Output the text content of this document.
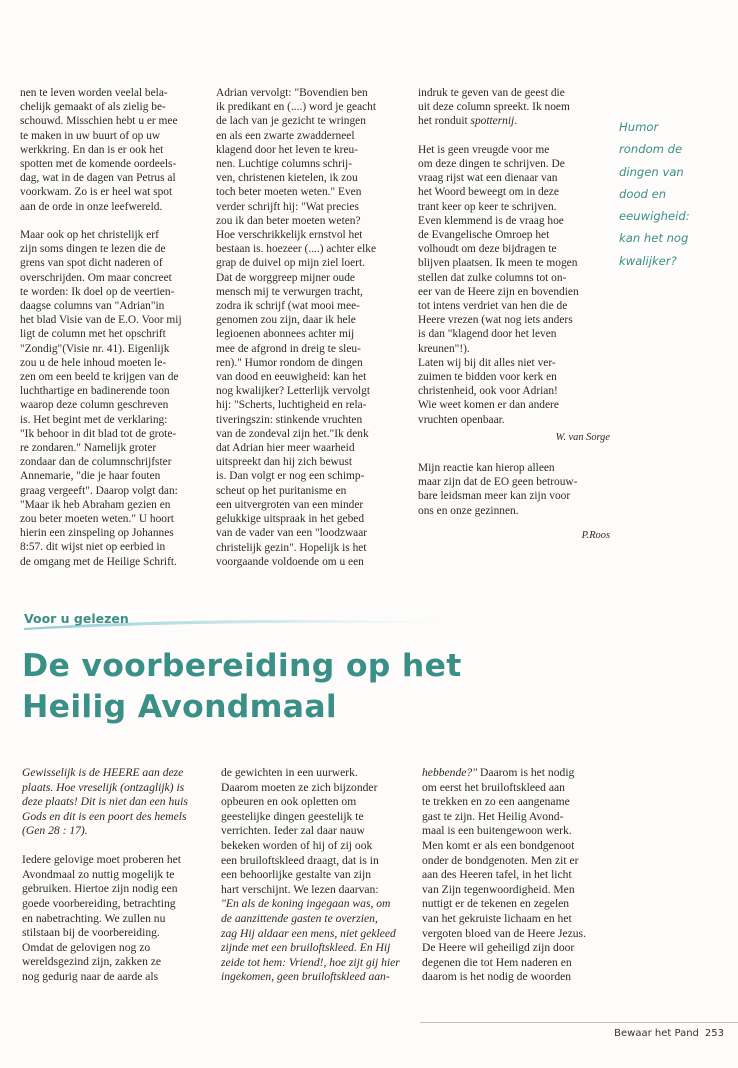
nen te leven worden veelal bela-
chelijk gemaakt of als zielig be-
schouwd. Misschien hebt u er mee
te maken in uw buurt of op uw
werkkring. En dan is er ook het
spotten met de komende oordeels-
dag, wat in de dagen van Petrus al
voorkwam. Zo is er heel wat spot
aan de orde in onze leefwereld.

Maar ook op het christelijk erf
zijn soms dingen te lezen die de
grens van spot dicht naderen of
overschrijden. Om maar concreet
te worden: Ik doel op de veertien-
daagse columns van "Adrian"in
het blad Visie van de E.O. Voor mij
ligt de column met het opschrift
"Zondig"(Visie nr. 41). Eigenlijk
zou u de hele inhoud moeten le-
zen om een beeld te krijgen van de
luchthartige en badinerende toon
waarop deze column geschreven
is. Het begint met de verklaring:
"Ik behoor in dit blad tot de grote-
re zondaren." Namelijk groter
zondaar dan de columnschrijfster
Annemarie, "die je haar fouten
graag vergeeft". Daarop volgt dan:
"Maar ik heb Abraham gezien en
zou beter moeten weten." U hoort
hierin een zinspeling op Johannes
8:57. dit wijst niet op eerbied in
de omgang met de Heilige Schrift.

Adrian vervolgt: "Bovendien ben
ik predikant en (....) word je geacht
de lach van je gezicht te wringen
en als een zwarte zwadderneel
klagend door het leven te kreu-
nen. Luchtige columns schrij-
ven, christenen kietelen, ik zou
toch beter moeten weten." Even
verder schrijft hij: "Wat precies
zou ik dan beter moeten weten?
Hoe verschrikkelijk ernstvol het
bestaan is. hoezeer (....) achter elke
grap de duivel op mijn ziel loert.
Dat de worggreep mijner oude
mensch mij te verwurgen tracht,
zodra ik schrijf (wat mooi mee-
genomen zou zijn, daar ik hele
legioenen abonnees achter mij
mee de afgrond in dreig te sleu-
ren)." Humor rondom de dingen
van dood en eeuwigheid: kan het
nog kwalijker? Letterlijk vervolgt
hij: "Scherts, luchtigheid en rela-
tiveringszin: stinkende vruchten
van de zondeval zijn het."Ik denk
dat Adrian hier meer waarheid
uitspreekt dan hij zich bewust
is. Dan volgt er nog een schimp-
scheut op het puritanisme en
een uitvergroten van een minder
gelukkige uitspraak in het gebed
van de vader van een "loodzwaar
christelijk gezin". Hopelijk is het
voorgaande voldoende om u een

indruk te geven van de geest die
uit deze column spreekt. Ik noem
het ronduit spotternij.

Het is geen vreugde voor me
om deze dingen te schrijven. De
vraag rijst wat een dienaar van
het Woord beweegt om in deze
trant keer op keer te schrijven.
Even klemmend is de vraag hoe
de Evangelische Omroep het
volhoudt om deze bijdragen te
blijven plaatsen. Ik meen te mogen
stellen dat zulke columns tot on-
eer van de Heere zijn en bovendien
tot intens verdriet van hen die de
Heere vrezen (wat nog iets anders
is dan "klagend door het leven
kreunen"!).
Laten wij bij dit alles niet ver-
zuimen te bidden voor kerk en
christenheid, ook voor Adrian!
Wie weet komen er dan andere
vruchten openbaar.

W. van Sorge

Mijn reactie kan hierop alleen
maar zijn dat de EO geen betrouw-
bare leidsman meer kan zijn voor
ons en onze gezinnen.

P.Roos
Humor
rondom de
dingen van
dood en
eeuwigheid:
kan het nog
kwalijker?
Voor u gelezen
De voorbereiding op het
Heilig Avondmaal

Gewisselijk is de HEERE aan deze
plaats. Hoe vreselijk (ontzaglijk) is
deze plaats! Dit is niet dan een huis
Gods en dit is een poort des hemels
(Gen 28 : 17).

Iedere gelovige moet proberen het
Avondmaal zo nuttig mogelijk te
gebruiken. Hiertoe zijn nodig een
goede voorbereiding, betrachting
en nabetrachting. We zullen nu
stilstaan bij de voorbereiding.
Omdat de gelovigen nog zo
wereldsgezind zijn, zakken ze
nog gedurig naar de aarde als

de gewichten in een uurwerk.
Daarom moeten ze zich bijzonder
opbeuren en ook opletten om
geestelijke dingen geestelijk te
verrichten. Ieder zal daar nauw
bekeken worden of hij of zij ook
een bruiloftskleed draagt, dat is in
een behoorlijke gestalte van zijn
hart verschijnt. We lezen daarvan:

"En als de koning ingegaan was, om
de aanzittende gasten te overzien,
zag Hij aldaar een mens, niet gekleed
zijnde met een bruiloftskleed. En Hij
zeide tot hem: Vriend!, hoe zijt gij hier
ingekomen, geen bruiloftskleed aan-

hebbende?" Daarom is het nodig
om eerst het bruiloftskleed aan
te trekken en zo een aangename
gast te zijn. Het Heilig Avond-
maal is een buitengewoon werk.
Men komt er als een bondgenoot
onder de bondgenoten. Men zit er
aan des Heeren tafel, in het licht
van Zijn tegenwoordigheid. Men
nuttigt er de tekenen en zegelen
van het gekruiste lichaam en het
vergoten bloed van de Heere Jezus.
De Heere wil geheiligd zijn door
degenen die tot Hem naderen en
daarom is het nodig de woorden

Bewaar het Pand 253
